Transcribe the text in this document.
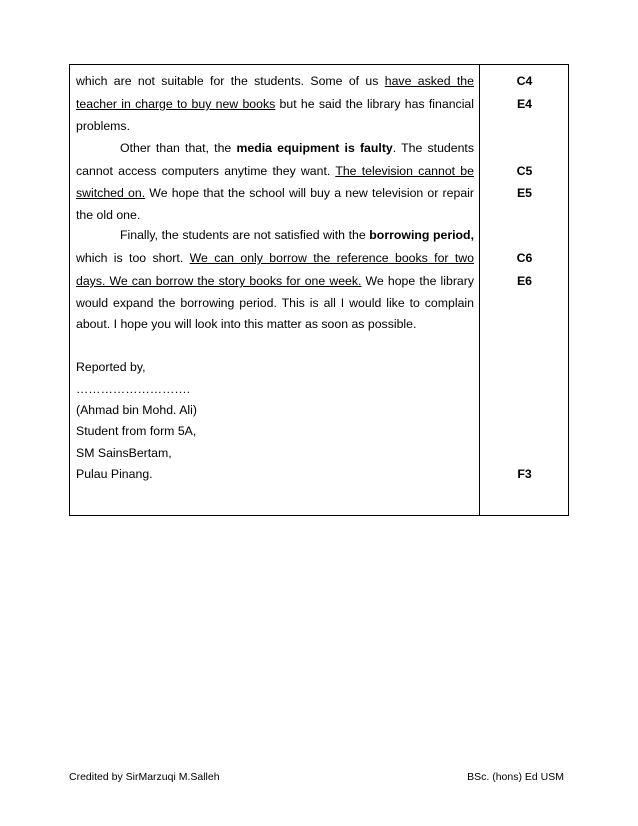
which are not suitable for the students. Some of us have asked the
teacher in charge to buy new books but he said the library has financial
problems.
Other than that, the media equipment is faulty. The students
cannot access computers anytime they want. The television cannot be
switched on. We hope that the school will buy a new television or repair
the old one.
Finally, the students are not satisfied with the borrowing period,
which is too short. We can only borrow the reference books for two
days. We can borrow the story books for one week. We hope the library
would expand the borrowing period. This is all I would like to complain
about. I hope you will look into this matter as soon as possible.
Reported by,
……………………….
(Ahmad bin Mohd. Ali)
Student from form 5A,
SM SainsBertam,
Pulau Pinang.
C4
E4
C5
E5
C6
E6
F3
Credited by SirMarzuqi M.Salleh	BSc. (hons) Ed USM
